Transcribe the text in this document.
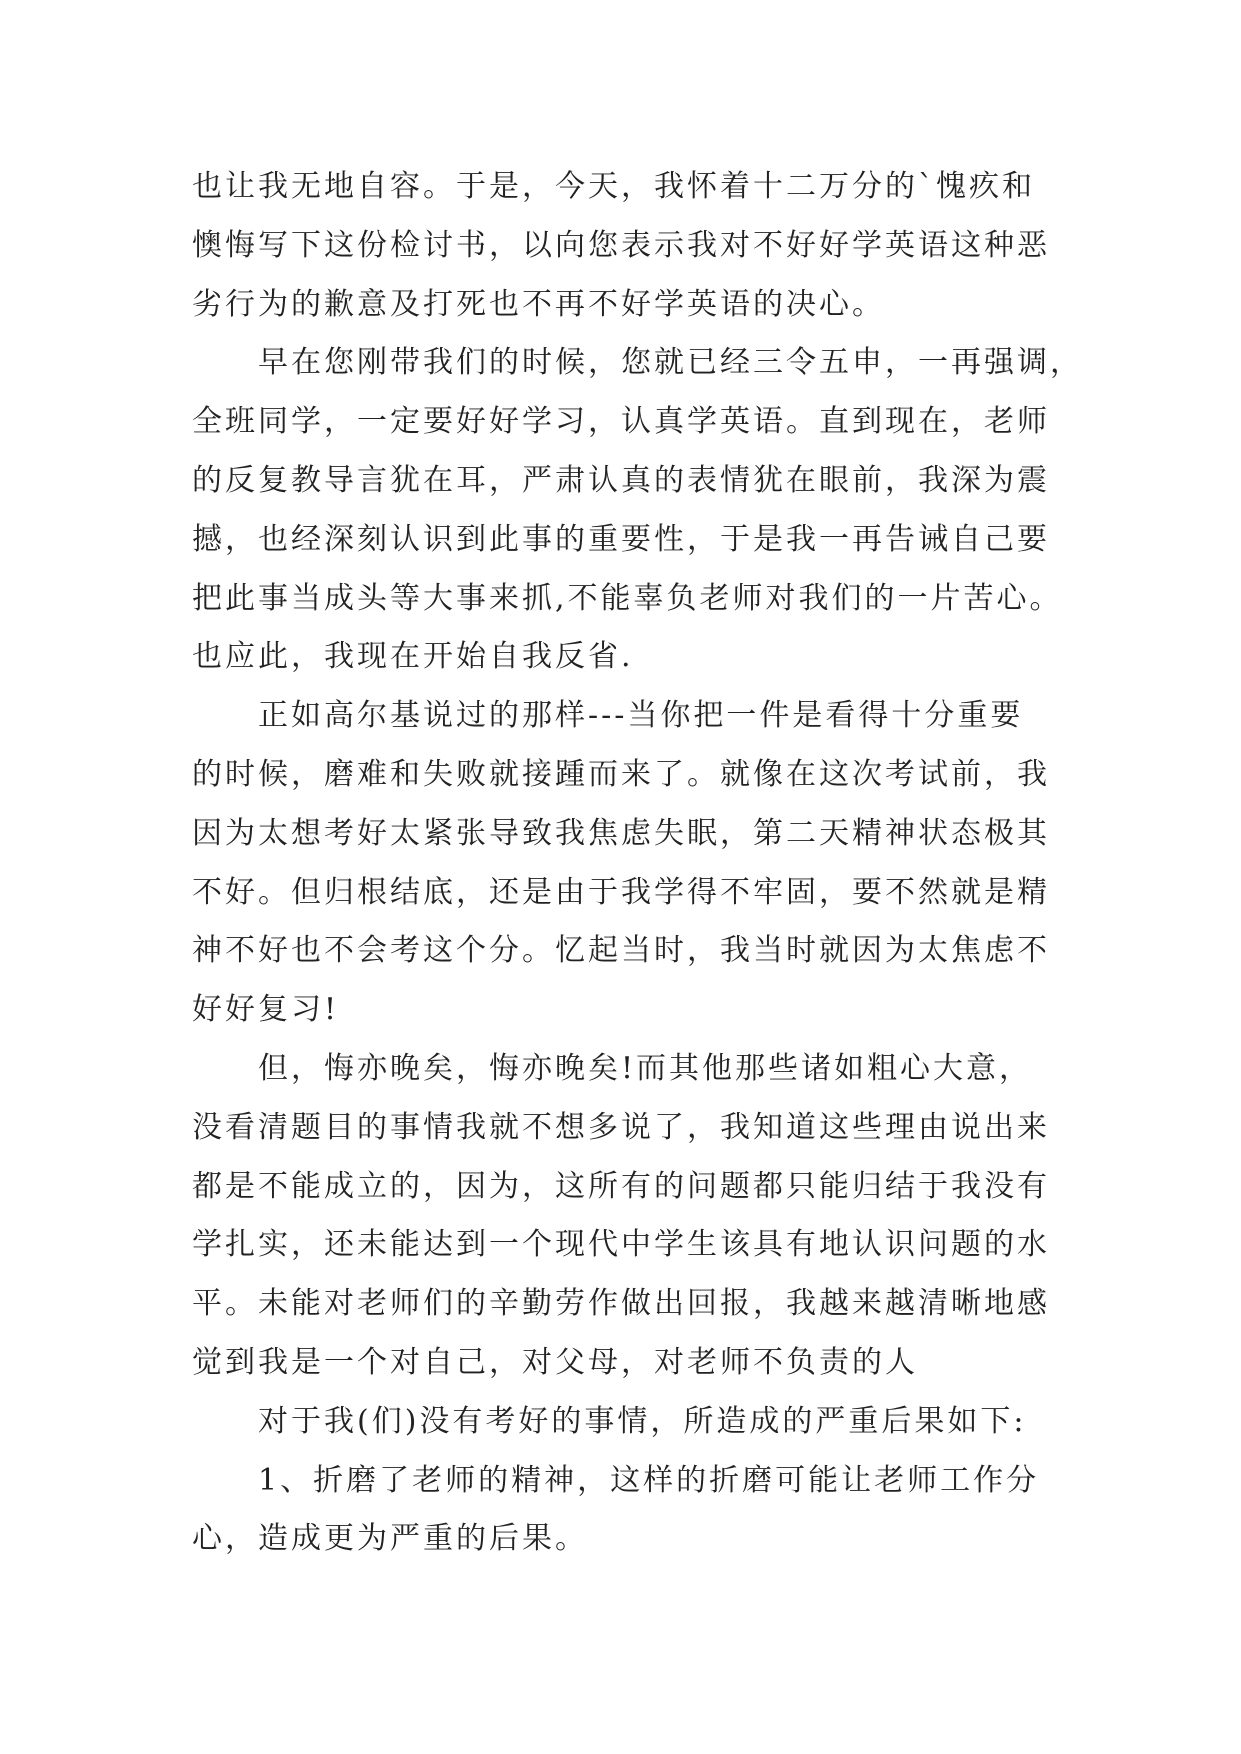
也让我无地自容。于是，今天，我怀着十二万分的`愧疚和

懊悔写下这份检讨书，以向您表示我对不好好学英语这种恶

劣行为的歉意及打死也不再不好学英语的决心。

早在您刚带我们的时候，您就已经三令五申，一再强调，

全班同学，一定要好好学习，认真学英语。直到现在，老师

的反复教导言犹在耳，严肃认真的表情犹在眼前，我深为震

撼，也经深刻认识到此事的重要性，于是我一再告诫自己要

把此事当成头等大事来抓,不能辜负老师对我们的一片苦心。

也应此，我现在开始自我反省.

正如高尔基说过的那样---当你把一件是看得十分重要

的时候，磨难和失败就接踵而来了。就像在这次考试前，我

因为太想考好太紧张导致我焦虑失眠，第二天精神状态极其

不好。但归根结底，还是由于我学得不牢固，要不然就是精

神不好也不会考这个分。忆起当时，我当时就因为太焦虑不

好好复习!

但，悔亦晚矣，悔亦晚矣!而其他那些诸如粗心大意，

没看清题目的事情我就不想多说了，我知道这些理由说出来

都是不能成立的，因为，这所有的问题都只能归结于我没有

学扎实，还未能达到一个现代中学生该具有地认识问题的水

平。未能对老师们的辛勤劳作做出回报，我越来越清晰地感

觉到我是一个对自己，对父母，对老师不负责的人

对于我(们)没有考好的事情，所造成的严重后果如下:

1、折磨了老师的精神，这样的折磨可能让老师工作分

心，造成更为严重的后果。
